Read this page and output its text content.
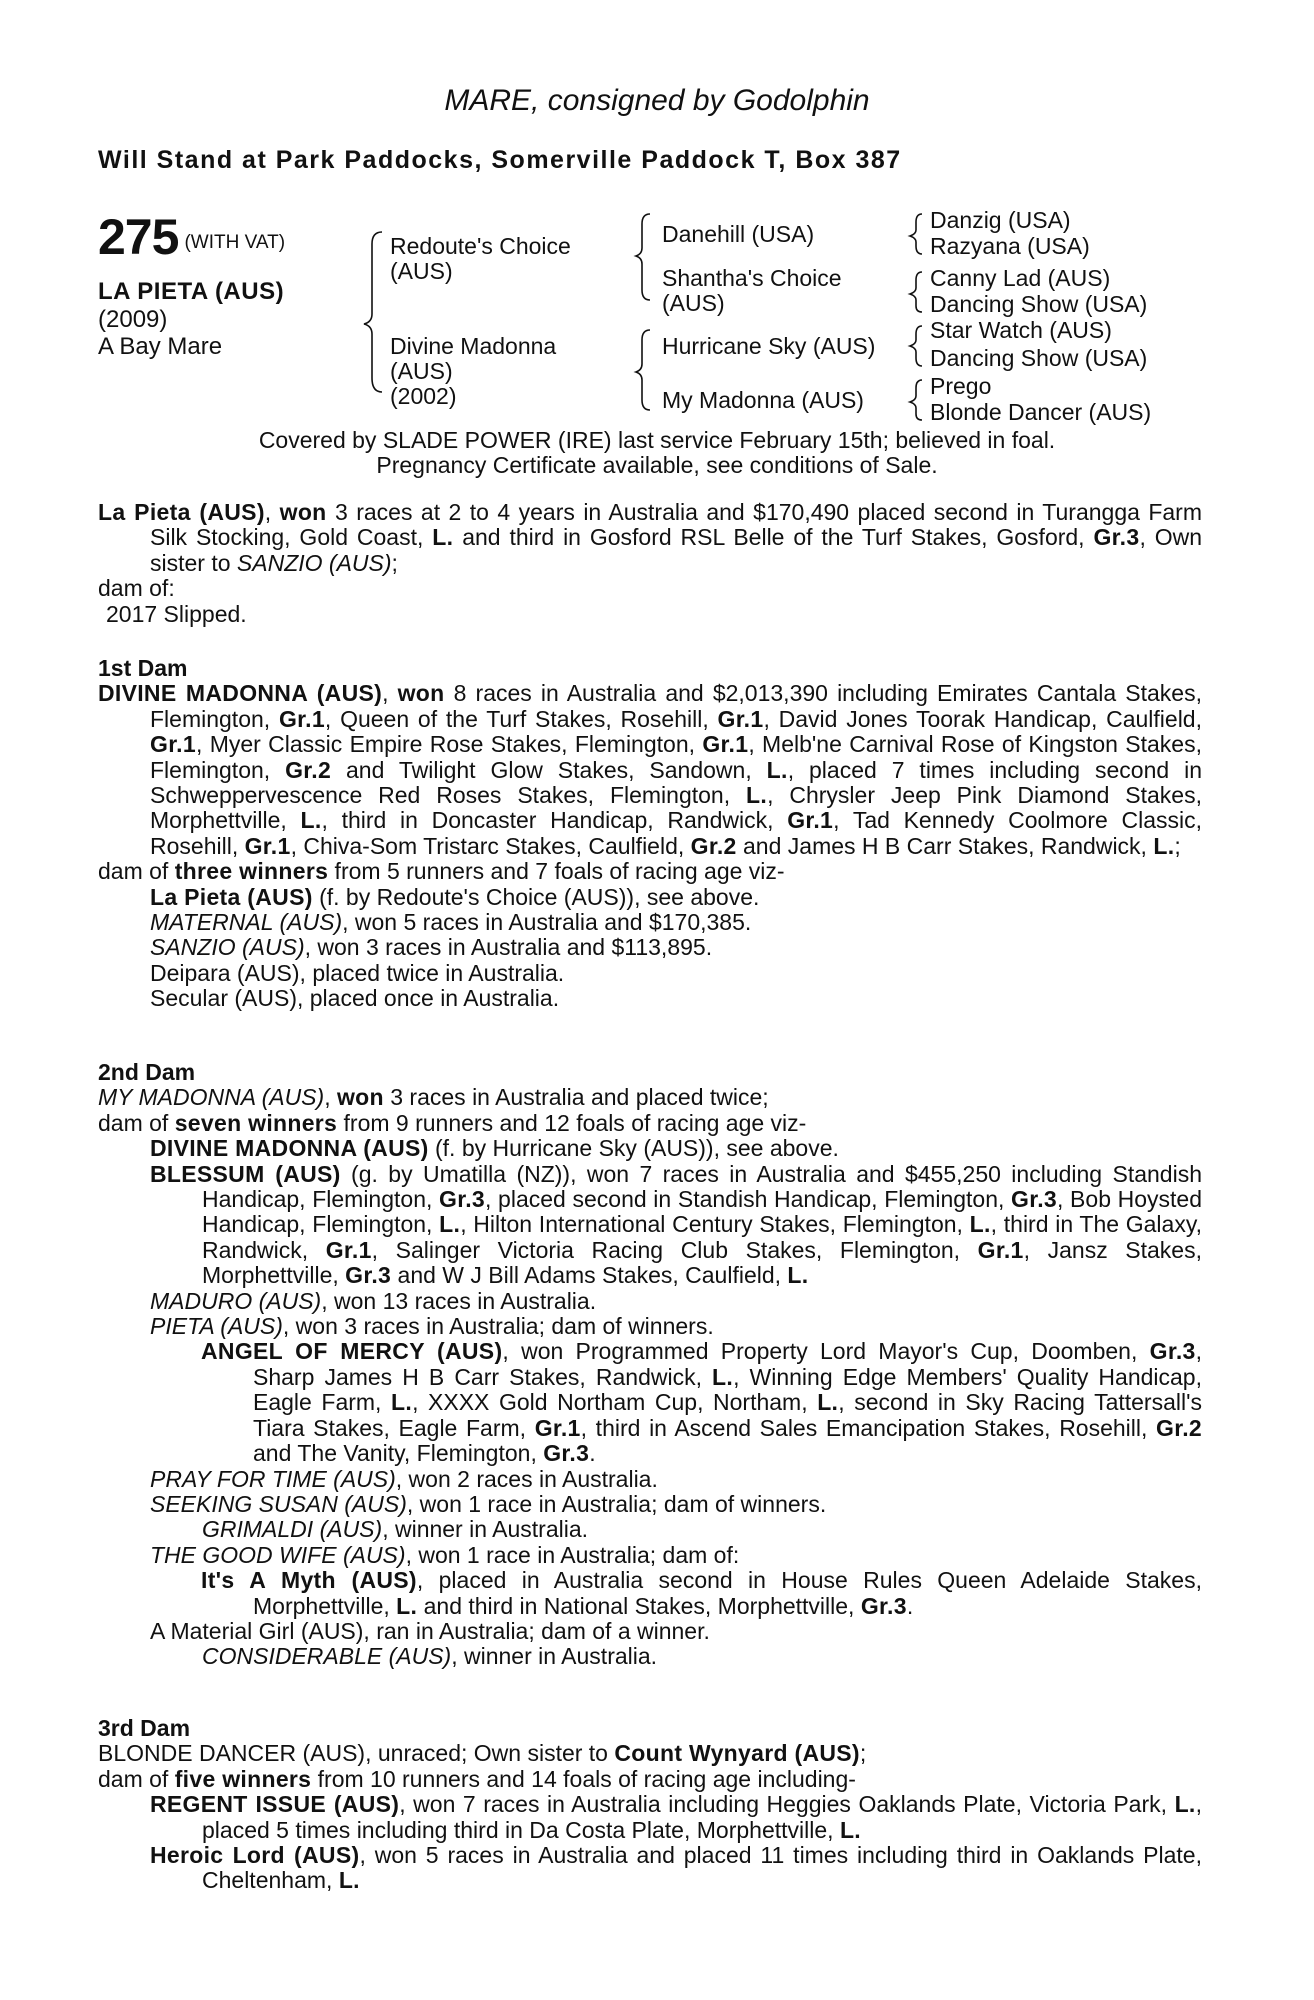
MARE, consigned by Godolphin
Will Stand at Park Paddocks, Somerville Paddock T, Box 387
275 (WITH VAT)
LA PIETA (AUS)
(2009)
A Bay Mare
Redoute's Choice
(AUS)
Divine Madonna
(AUS)
(2002)
Danehill (USA)
Shantha's Choice
(AUS)
Hurricane Sky (AUS)
My Madonna (AUS)
Danzig (USA)
Razyana (USA)
Canny Lad (AUS)
Dancing Show (USA)
Star Watch (AUS)
Dancing Show (USA)
Prego
Blonde Dancer (AUS)
Covered by SLADE POWER (IRE) last service February 15th; believed in foal.
Pregnancy Certificate available, see conditions of Sale.

La Pieta (AUS), won 3 races at 2 to 4 years in Australia and $170,490 placed second in Turangga Farm Silk Stocking, Gold Coast, L. and third in Gosford RSL Belle of the Turf Stakes, Gosford, Gr.3, Own sister to SANZIO (AUS);

dam of:

2017 Slipped.

1st Dam

DIVINE MADONNA (AUS), won 8 races in Australia and $2,013,390 including Emirates Cantala Stakes, Flemington, Gr.1, Queen of the Turf Stakes, Rosehill, Gr.1, David Jones Toorak Handicap, Caulfield, Gr.1, Myer Classic Empire Rose Stakes, Flemington, Gr.1, Melb'ne Carnival Rose of Kingston Stakes, Flemington, Gr.2 and Twilight Glow Stakes, Sandown, L., placed 7 times including second in Schweppervescence Red Roses Stakes, Flemington, L., Chrysler Jeep Pink Diamond Stakes, Morphettville, L., third in Doncaster Handicap, Randwick, Gr.1, Tad Kennedy Coolmore Classic, Rosehill, Gr.1, Chiva-Som Tristarc Stakes, Caulfield, Gr.2 and James H B Carr Stakes, Randwick, L.;

dam of three winners from 5 runners and 7 foals of racing age viz-

La Pieta (AUS) (f. by Redoute's Choice (AUS)), see above.

MATERNAL (AUS), won 5 races in Australia and $170,385.

SANZIO (AUS), won 3 races in Australia and $113,895.

Deipara (AUS), placed twice in Australia.

Secular (AUS), placed once in Australia.

2nd Dam

MY MADONNA (AUS), won 3 races in Australia and placed twice;

dam of seven winners from 9 runners and 12 foals of racing age viz-

DIVINE MADONNA (AUS) (f. by Hurricane Sky (AUS)), see above.

BLESSUM (AUS) (g. by Umatilla (NZ)), won 7 races in Australia and $455,250 including Standish Handicap, Flemington, Gr.3, placed second in Standish Handicap, Flemington, Gr.3, Bob Hoysted Handicap, Flemington, L., Hilton International Century Stakes, Flemington, L., third in The Galaxy, Randwick, Gr.1, Salinger Victoria Racing Club Stakes, Flemington, Gr.1, Jansz Stakes, Morphettville, Gr.3 and W J Bill Adams Stakes, Caulfield, L.

MADURO (AUS), won 13 races in Australia.

PIETA (AUS), won 3 races in Australia; dam of winners.

ANGEL OF MERCY (AUS), won Programmed Property Lord Mayor's Cup, Doomben, Gr.3, Sharp James H B Carr Stakes, Randwick, L., Winning Edge Members' Quality Handicap, Eagle Farm, L., XXXX Gold Northam Cup, Northam, L., second in Sky Racing Tattersall's Tiara Stakes, Eagle Farm, Gr.1, third in Ascend Sales Emancipation Stakes, Rosehill, Gr.2 and The Vanity, Flemington, Gr.3.

PRAY FOR TIME (AUS), won 2 races in Australia.

SEEKING SUSAN (AUS), won 1 race in Australia; dam of winners.

GRIMALDI (AUS), winner in Australia.

THE GOOD WIFE (AUS), won 1 race in Australia; dam of:

It's A Myth (AUS), placed in Australia second in House Rules Queen Adelaide Stakes, Morphettville, L. and third in National Stakes, Morphettville, Gr.3.

A Material Girl (AUS), ran in Australia; dam of a winner.

CONSIDERABLE (AUS), winner in Australia.

3rd Dam

BLONDE DANCER (AUS), unraced; Own sister to Count Wynyard (AUS);

dam of five winners from 10 runners and 14 foals of racing age including-

REGENT ISSUE (AUS), won 7 races in Australia including Heggies Oaklands Plate, Victoria Park, L., placed 5 times including third in Da Costa Plate, Morphettville, L.

Heroic Lord (AUS), won 5 races in Australia and placed 11 times including third in Oaklands Plate, Cheltenham, L.
